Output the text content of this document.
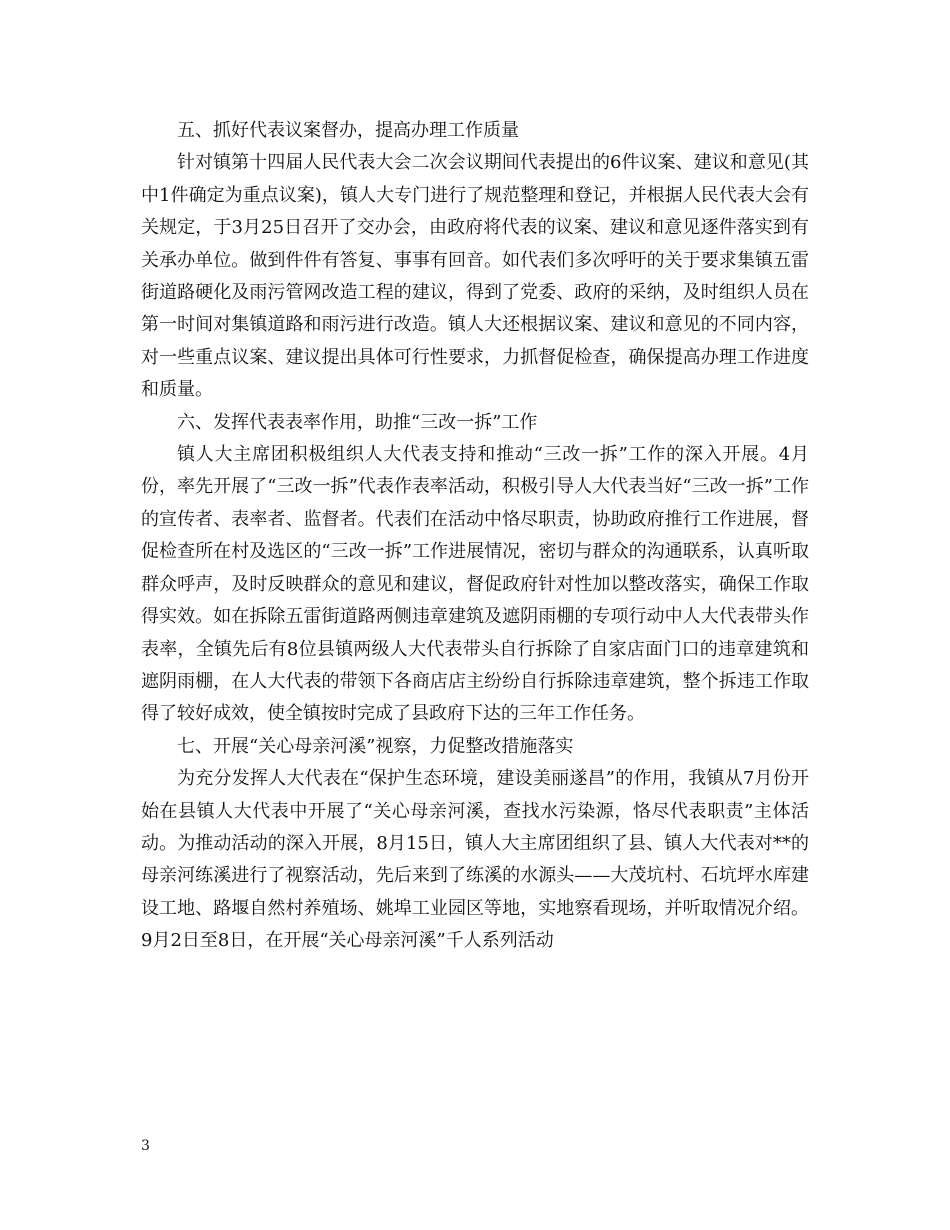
五、抓好代表议案督办，提高办理工作质量

针对镇第十四届人民代表大会二次会议期间代表提出的6件议案、建议和意见(其中1件确定为重点议案)，镇人大专门进行了规范整理和登记，并根据人民代表大会有关规定，于3月25日召开了交办会，由政府将代表的议案、建议和意见逐件落实到有关承办单位。做到件件有答复、事事有回音。如代表们多次呼吁的关于要求集镇五雷街道路硬化及雨污管网改造工程的建议，得到了党委、政府的采纳，及时组织人员在第一时间对集镇道路和雨污进行改造。镇人大还根据议案、建议和意见的不同内容，对一些重点议案、建议提出具体可行性要求，力抓督促检查，确保提高办理工作进度和质量。

六、发挥代表表率作用，助推“三改一拆”工作

镇人大主席团积极组织人大代表支持和推动“三改一拆”工作的深入开展。4月份，率先开展了“三改一拆”代表作表率活动，积极引导人大代表当好“三改一拆”工作的宣传者、表率者、监督者。代表们在活动中恪尽职责，协助政府推行工作进展，督促检查所在村及选区的“三改一拆”工作进展情况，密切与群众的沟通联系，认真听取群众呼声，及时反映群众的意见和建议，督促政府针对性加以整改落实，确保工作取得实效。如在拆除五雷街道路两侧违章建筑及遮阴雨棚的专项行动中人大代表带头作表率，全镇先后有8位县镇两级人大代表带头自行拆除了自家店面门口的违章建筑和遮阴雨棚，在人大代表的带领下各商店店主纷纷自行拆除违章建筑，整个拆违工作取得了较好成效，使全镇按时完成了县政府下达的三年工作任务。

七、开展“关心母亲河溪”视察，力促整改措施落实

为充分发挥人大代表在“保护生态环境，建设美丽遂昌”的作用，我镇从7月份开始在县镇人大代表中开展了“关心母亲河溪，查找水污染源，恪尽代表职责”主体活动。为推动活动的深入开展，8月15日，镇人大主席团组织了县、镇人大代表对**的母亲河练溪进行了视察活动，先后来到了练溪的水源头——大茂坑村、石坑坪水库建设工地、路堰自然村养殖场、姚埠工业园区等地，实地察看现场，并听取情况介绍。9月2日至8日，在开展“关心母亲河溪”千人系列活动

3
